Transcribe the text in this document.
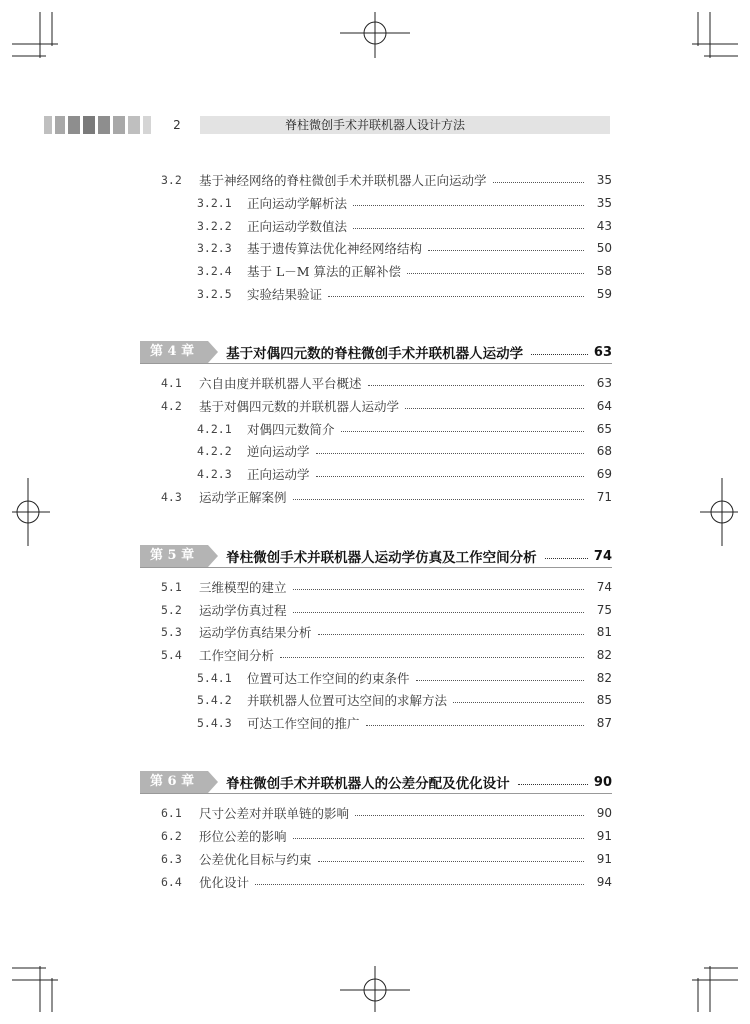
2	脊柱微创手术并联机器人设计方法
3.2	基于神经网络的脊柱微创手术并联机器人正向运动学	35
3.2.1	正向运动学解析法	35
3.2.2	正向运动学数值法	43
3.2.3	基于遗传算法优化神经网络结构	50
3.2.4	基于 L－M 算法的正解补偿	58
3.2.5	实验结果验证	59
第 4 章	基于对偶四元数的脊柱微创手术并联机器人运动学	63
4.1	六自由度并联机器人平台概述	63
4.2	基于对偶四元数的并联机器人运动学	64
4.2.1	对偶四元数简介	65
4.2.2	逆向运动学	68
4.2.3	正向运动学	69
4.3	运动学正解案例	71
第 5 章	脊柱微创手术并联机器人运动学仿真及工作空间分析	74
5.1	三维模型的建立	74
5.2	运动学仿真过程	75
5.3	运动学仿真结果分析	81
5.4	工作空间分析	82
5.4.1	位置可达工作空间的约束条件	82
5.4.2	并联机器人位置可达空间的求解方法	85
5.4.3	可达工作空间的推广	87
第 6 章	脊柱微创手术并联机器人的公差分配及优化设计	90
6.1	尺寸公差对并联单链的影响	90
6.2	形位公差的影响	91
6.3	公差优化目标与约束	91
6.4	优化设计	94
